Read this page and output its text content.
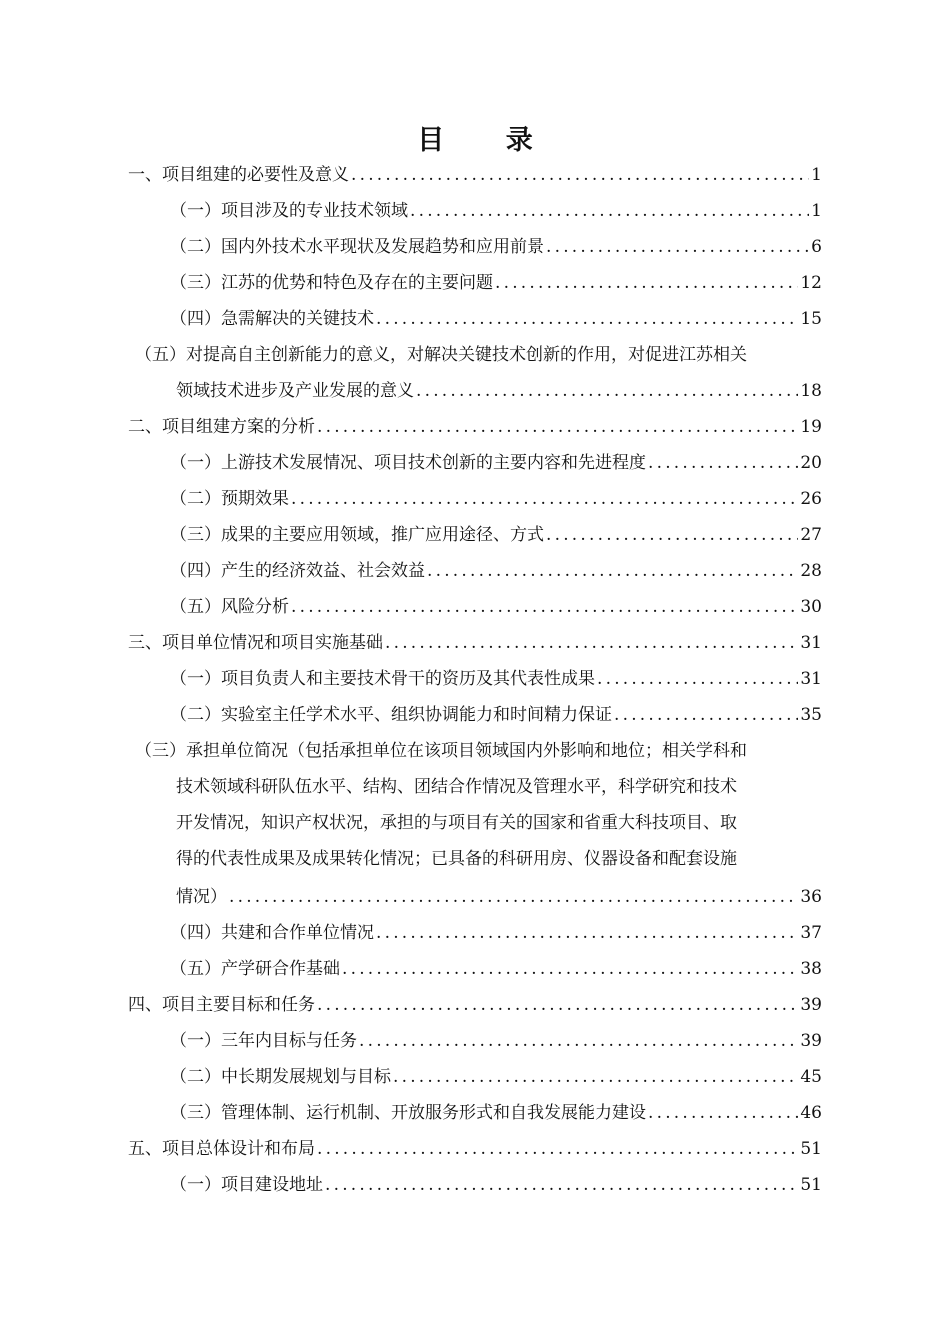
目 录
一、项目组建的必要性及意义 .....	1
（一）项目涉及的专业技术领域 .....	1
（二）国内外技术水平现状及发展趋势和应用前景 .....	6
（三）江苏的优势和特色及存在的主要问题 .....	12
（四）急需解决的关键技术 .....	15
（五）对提高自主创新能力的意义，对解决关键技术创新的作用，对促进江苏相关
领域技术进步及产业发展的意义 .....	18
二、项目组建方案的分析 .....	19
（一）上游技术发展情况、项目技术创新的主要内容和先进程度 .....	20
（二）预期效果 .....	26
（三）成果的主要应用领域，推广应用途径、方式 .....	27
（四）产生的经济效益、社会效益 .....	28
（五）风险分析 .....	30
三、项目单位情况和项目实施基础 .....	31
（一）项目负责人和主要技术骨干的资历及其代表性成果 .....	31
（二）实验室主任学术水平、组织协调能力和时间精力保证 .....	35
（三）承担单位简况（包括承担单位在该项目领域国内外影响和地位；相关学科和
技术领域科研队伍水平、结构、团结合作情况及管理水平，科学研究和技术
开发情况，知识产权状况，承担的与项目有关的国家和省重大科技项目、取
得的代表性成果及成果转化情况；已具备的科研用房、仪器设备和配套设施
情况） .....	36
（四）共建和合作单位情况 .....	37
（五）产学研合作基础 .....	38
四、项目主要目标和任务 .....	39
（一）三年内目标与任务 .....	39
（二）中长期发展规划与目标 .....	45
（三）管理体制、运行机制、开放服务形式和自我发展能力建设 .....	46
五、项目总体设计和布局 .....	51
（一）项目建设地址 .....	51
